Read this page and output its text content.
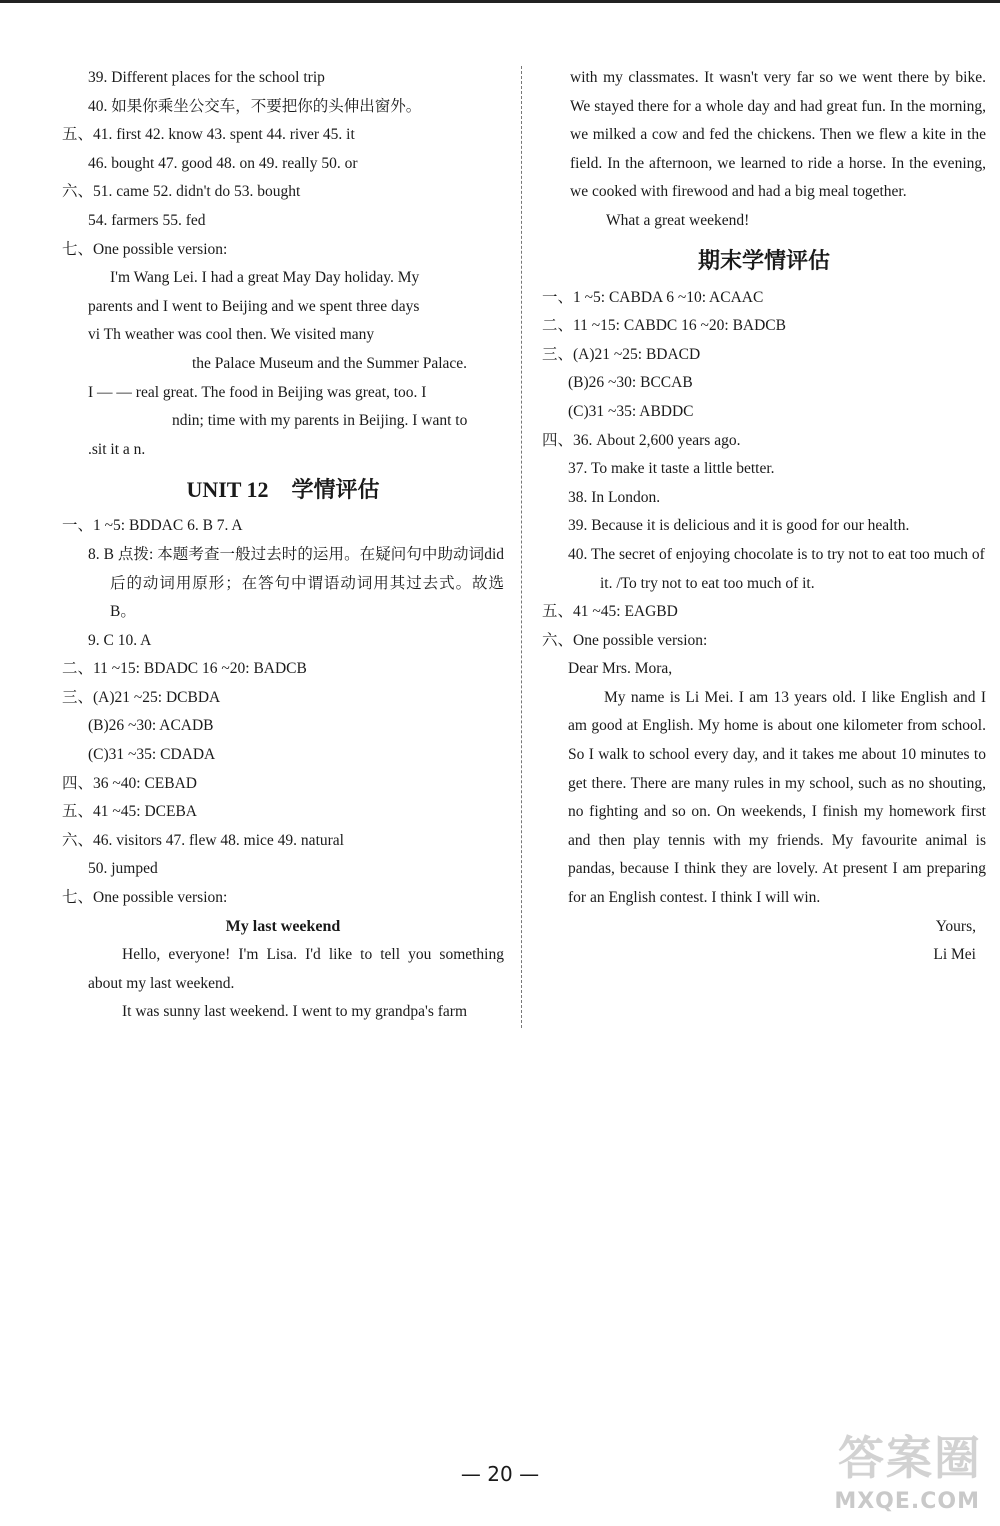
39. Different places for the school trip
40. 如果你乘坐公交车，不要把你的头伸出窗外。
五、41. first 42. know 43. spent 44. river 45. it
46. bought 47. good 48. on 49. really 50. or
六、51. came 52. didn't do 53. bought
54. farmers 55. fed
七、One possible version:
I'm Wang Lei. I had a great May Day holiday. My
parents and I went to Beijing and we spent three days
vi Th weather was cool then. We visited many
the Palace Museum and the Summer Palace.
I — — real great. The food in Beijing was great, too. I
ndin; time with my parents in Beijing. I want to
.sit it a n.
UNIT 12 学情评估
一、1 ~5: BDDAC 6. B 7. A
8. B 点拨: 本题考查一般过去时的运用。在疑问句中助动词did后的动词用原形；在答句中谓语动词用其过去式。故选B。
9. C 10. A
二、11 ~15: BDADC 16 ~20: BADCB
三、(A)21 ~25: DCBDA
(B)26 ~30: ACADB
(C)31 ~35: CDADA
四、36 ~40: CEBAD
五、41 ~45: DCEBA
六、46. visitors 47. flew 48. mice 49. natural
50. jumped
七、One possible version:
My last weekend
Hello, everyone! I'm Lisa. I'd like to tell you something about my last weekend.
It was sunny last weekend. I went to my grandpa's farm
with my classmates. It wasn't very far so we went there by bike. We stayed there for a whole day and had great fun. In the morning, we milked a cow and fed the chickens. Then we flew a kite in the field. In the afternoon, we learned to ride a horse. In the evening, we cooked with firewood and had a big meal together.
What a great weekend!
期末学情评估
一、1 ~5: CABDA 6 ~10: ACAAC
二、11 ~15: CABDC 16 ~20: BADCB
三、(A)21 ~25: BDACD
(B)26 ~30: BCCAB
(C)31 ~35: ABDDC
四、36. About 2,600 years ago.
37. To make it taste a little better.
38. In London.
39. Because it is delicious and it is good for our health.
40. The secret of enjoying chocolate is to try not to eat too much of it. /To try not to eat too much of it.
五、41 ~45: EAGBD
六、One possible version:
Dear Mrs. Mora,
My name is Li Mei. I am 13 years old. I like English and I am good at English. My home is about one kilometer from school. So I walk to school every day, and it takes me about 10 minutes to get there. There are many rules in my school, such as no shouting, no fighting and so on. On weekends, I finish my homework first and then play tennis with my friends. My favourite animal is pandas, because I think they are lovely. At present I am preparing for an English contest. I think I will win.
Yours,
Li Mei
— 20 —	答案圈
MXQE.COM
